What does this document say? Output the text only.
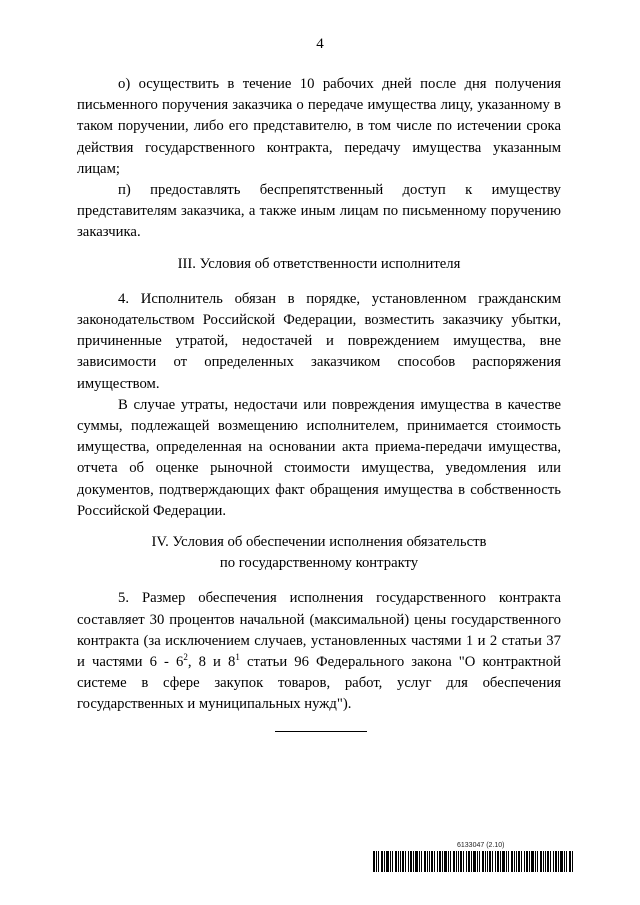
4

о) осуществить в течение 10 рабочих дней после дня получения письменного поручения заказчика о передаче имущества лицу, указанному в таком поручении, либо его представителю, в том числе по истечении срока действия государственного контракта, передачу имущества указанным лицам;

п) предоставлять беспрепятственный доступ к имуществу представителям заказчика, а также иным лицам по письменному поручению заказчика.

III. Условия об ответственности исполнителя

4. Исполнитель обязан в порядке, установленном гражданским законодательством Российской Федерации, возместить заказчику убытки, причиненные утратой, недостачей и повреждением имущества, вне зависимости от определенных заказчиком способов распоряжения имуществом.

В случае утраты, недостачи или повреждения имущества в качестве суммы, подлежащей возмещению исполнителем, принимается стоимость имущества, определенная на основании акта приема-передачи имущества, отчета об оценке рыночной стоимости имущества, уведомления или документов, подтверждающих факт обращения имущества в собственность Российской Федерации.

IV. Условия об обеспечении исполнения обязательств

по государственному контракту

5. Размер обеспечения исполнения государственного контракта составляет 30 процентов начальной (максимальной) цены государственного контракта (за исключением случаев, установленных частями 1 и 2 статьи 37 и частями $6 - 6^2$, 8 и $8^1$ статьи 96 Федерального закона "О контрактной системе в сфере закупок товаров, работ, услуг для обеспечения государственных и муниципальных нужд").

6133047 (2.10)
